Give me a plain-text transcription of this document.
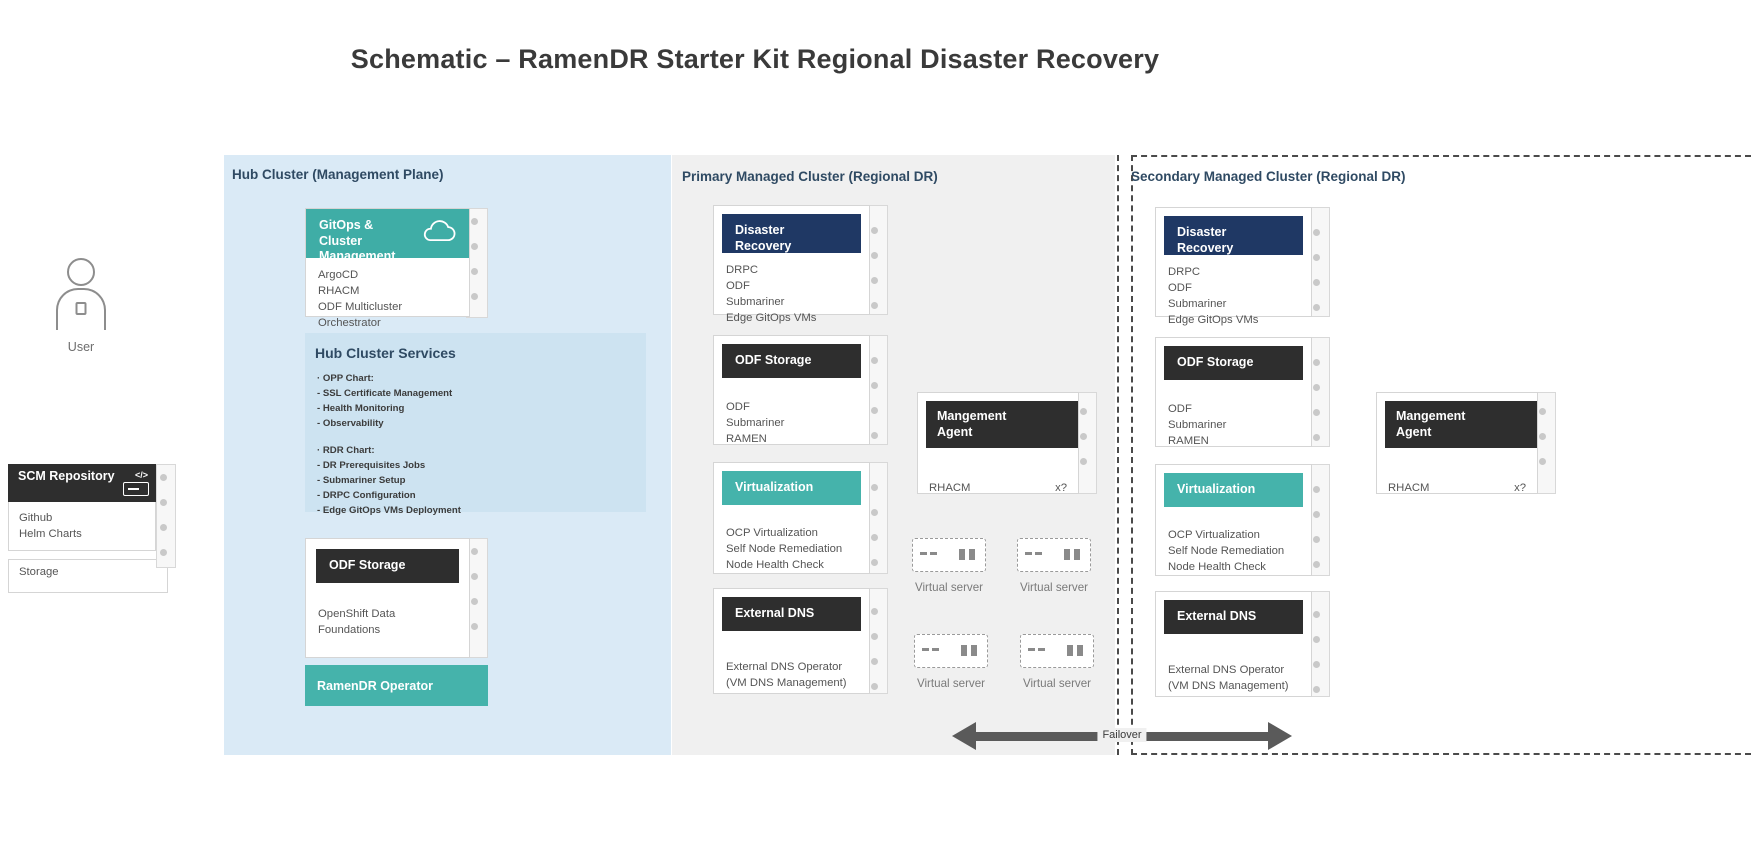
Schematic – RamenDR Starter Kit Regional Disaster Recovery
Hub Cluster (Management Plane)	Primary Managed Cluster (Regional DR)	Secondary Managed Cluster (Regional DR)
User
SCM Repository </>
Github
Helm Charts
Storage
GitOps &
Cluster
Management
ArgoCD
RHACM
ODF Multicluster
Orchestrator
Hub Cluster Services
· OPP Chart:
- SSL Certificate Management
- Health Monitoring
- Observability
· RDR Chart:
- DR Prerequisites Jobs
- Submariner Setup
- DRPC Configuration
- Edge GitOps VMs Deployment
ODF Storage
OpenShift Data
Foundations
RamenDR Operator
Disaster
Recovery
DRPC
ODF
Submariner
Edge GitOps VMs
ODF Storage
ODF
Submariner
RAMEN
Virtualization
OCP Virtualization
Self Node Remediation
Node Health Check
External DNS
External DNS Operator
(VM DNS Management)
Mangement
Agent
RHACM	x?
Virtual server	Virtual server
Virtual server	Virtual server
Disaster
Recovery
DRPC
ODF
Submariner
Edge GitOps VMs
ODF Storage
ODF
Submariner
RAMEN
Virtualization
OCP Virtualization
Self Node Remediation
Node Health Check
External DNS
External DNS Operator
(VM DNS Management)
Mangement
Agent
RHACM	x?
Failover
